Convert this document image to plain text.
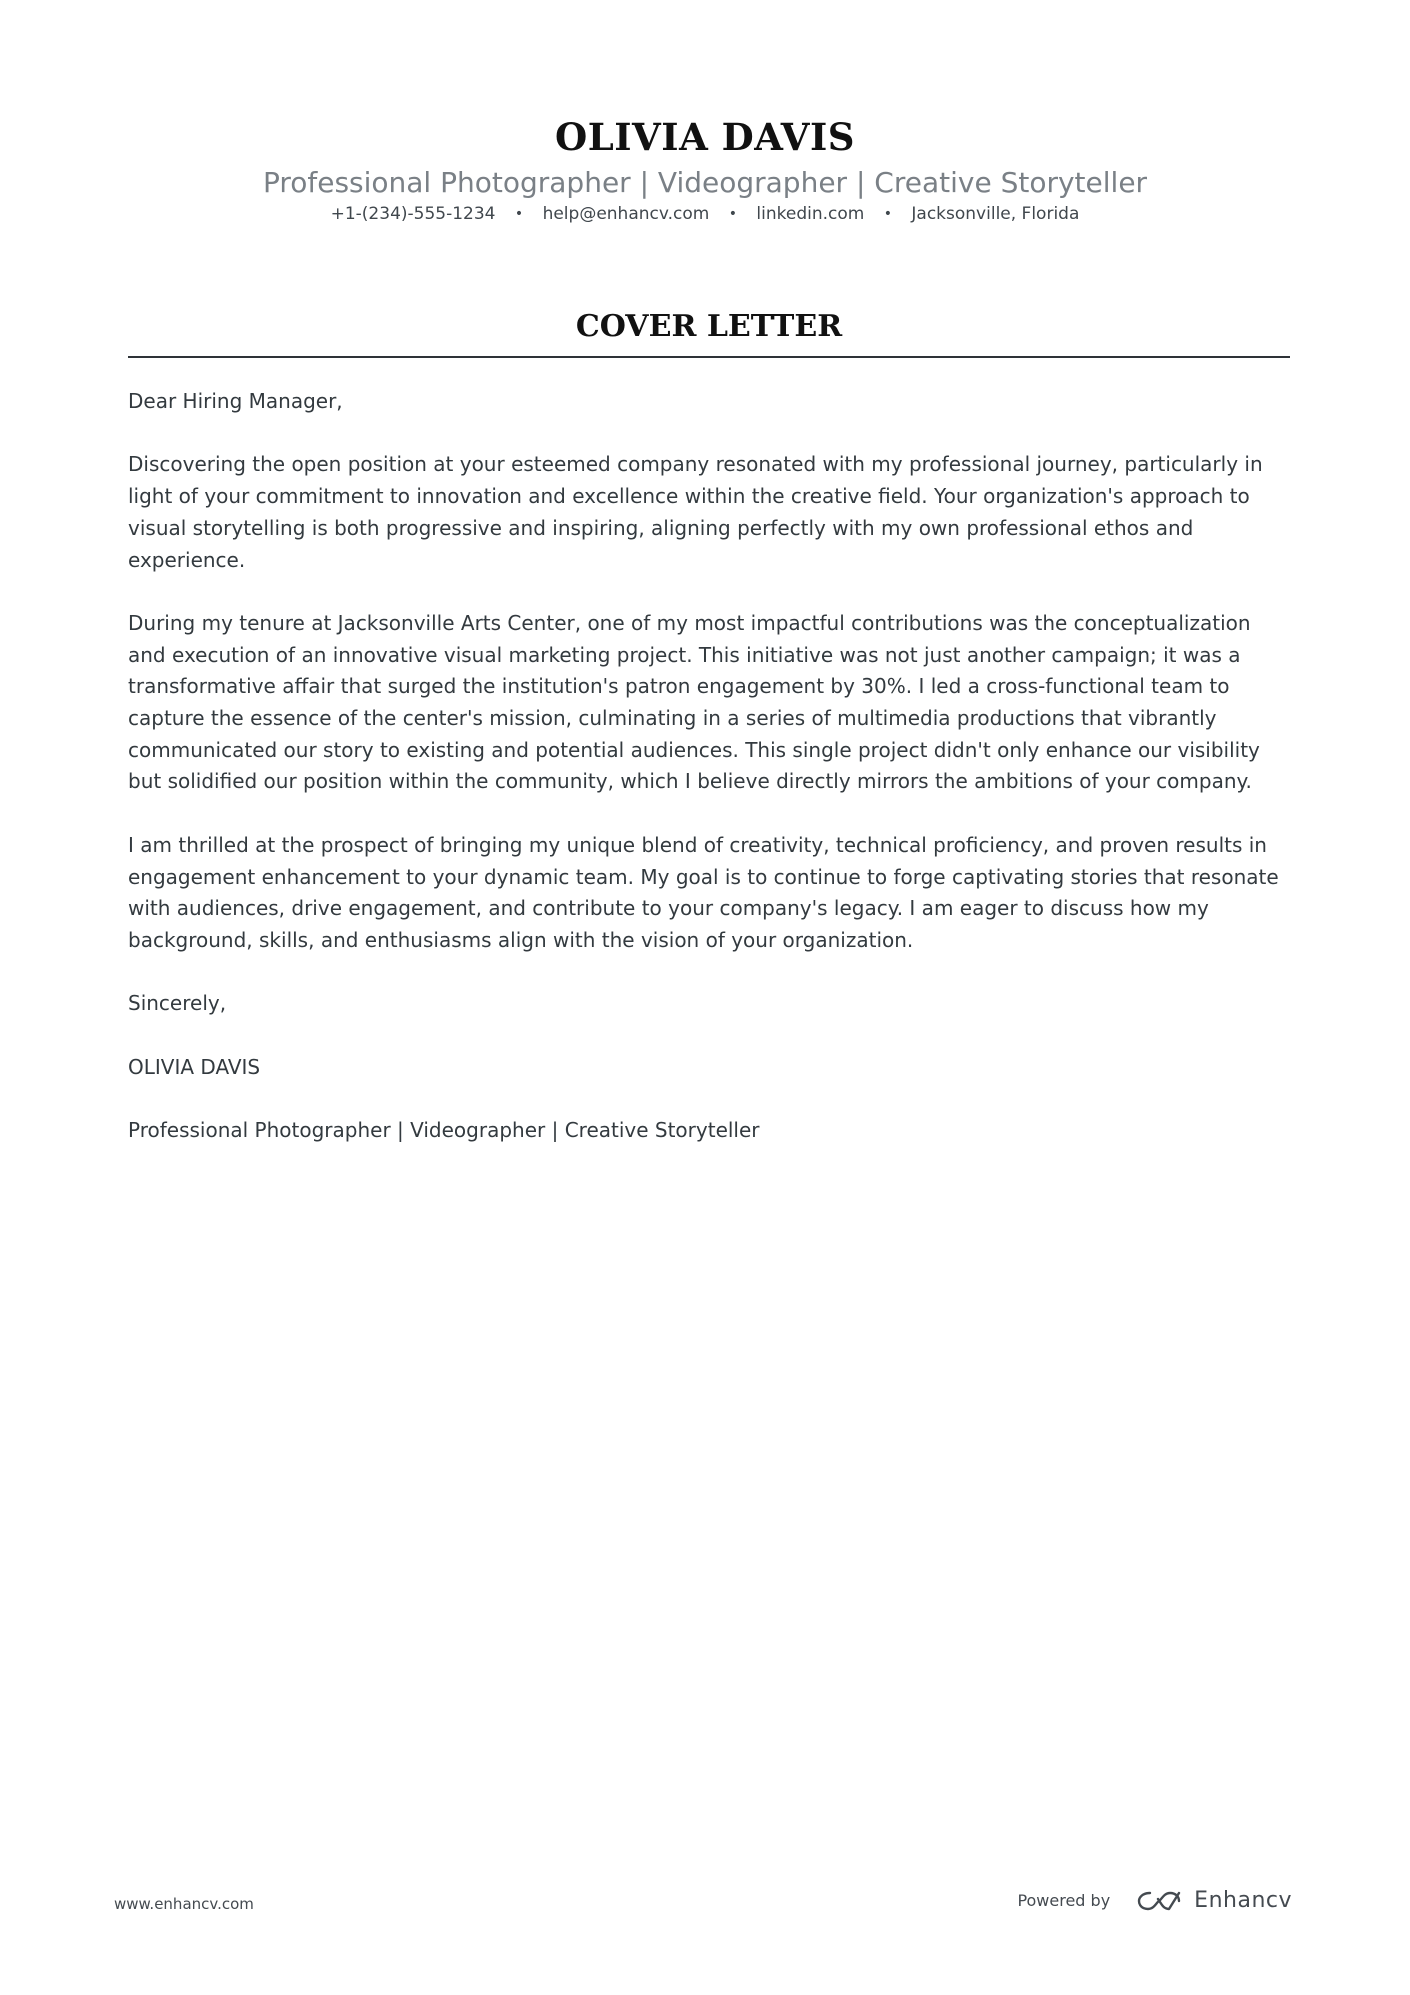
OLIVIA DAVIS
Professional Photographer | Videographer | Creative Storyteller
+1-(234)-555-1234 • help@enhancv.com • linkedin.com • Jacksonville, Florida
COVER LETTER

Dear Hiring Manager,

Discovering the open position at your esteemed company resonated with my professional journey, particularly in light of your commitment to innovation and excellence within the creative field. Your organization's approach to visual storytelling is both progressive and inspiring, aligning perfectly with my own professional ethos and experience.

During my tenure at Jacksonville Arts Center, one of my most impactful contributions was the conceptualization and execution of an innovative visual marketing project. This initiative was not just another campaign; it was a transformative affair that surged the institution's patron engagement by 30%. I led a cross-functional team to capture the essence of the center's mission, culminating in a series of multimedia productions that vibrantly communicated our story to existing and potential audiences. This single project didn't only enhance our visibility but solidified our position within the community, which I believe directly mirrors the ambitions of your company.

I am thrilled at the prospect of bringing my unique blend of creativity, technical proficiency, and proven results in engagement enhancement to your dynamic team. My goal is to continue to forge captivating stories that resonate with audiences, drive engagement, and contribute to your company's legacy. I am eager to discuss how my background, skills, and enthusiasms align with the vision of your organization.

Sincerely,

OLIVIA DAVIS

Professional Photographer | Videographer | Creative Storyteller

www.enhancv.com	Powered by	Enhancv
